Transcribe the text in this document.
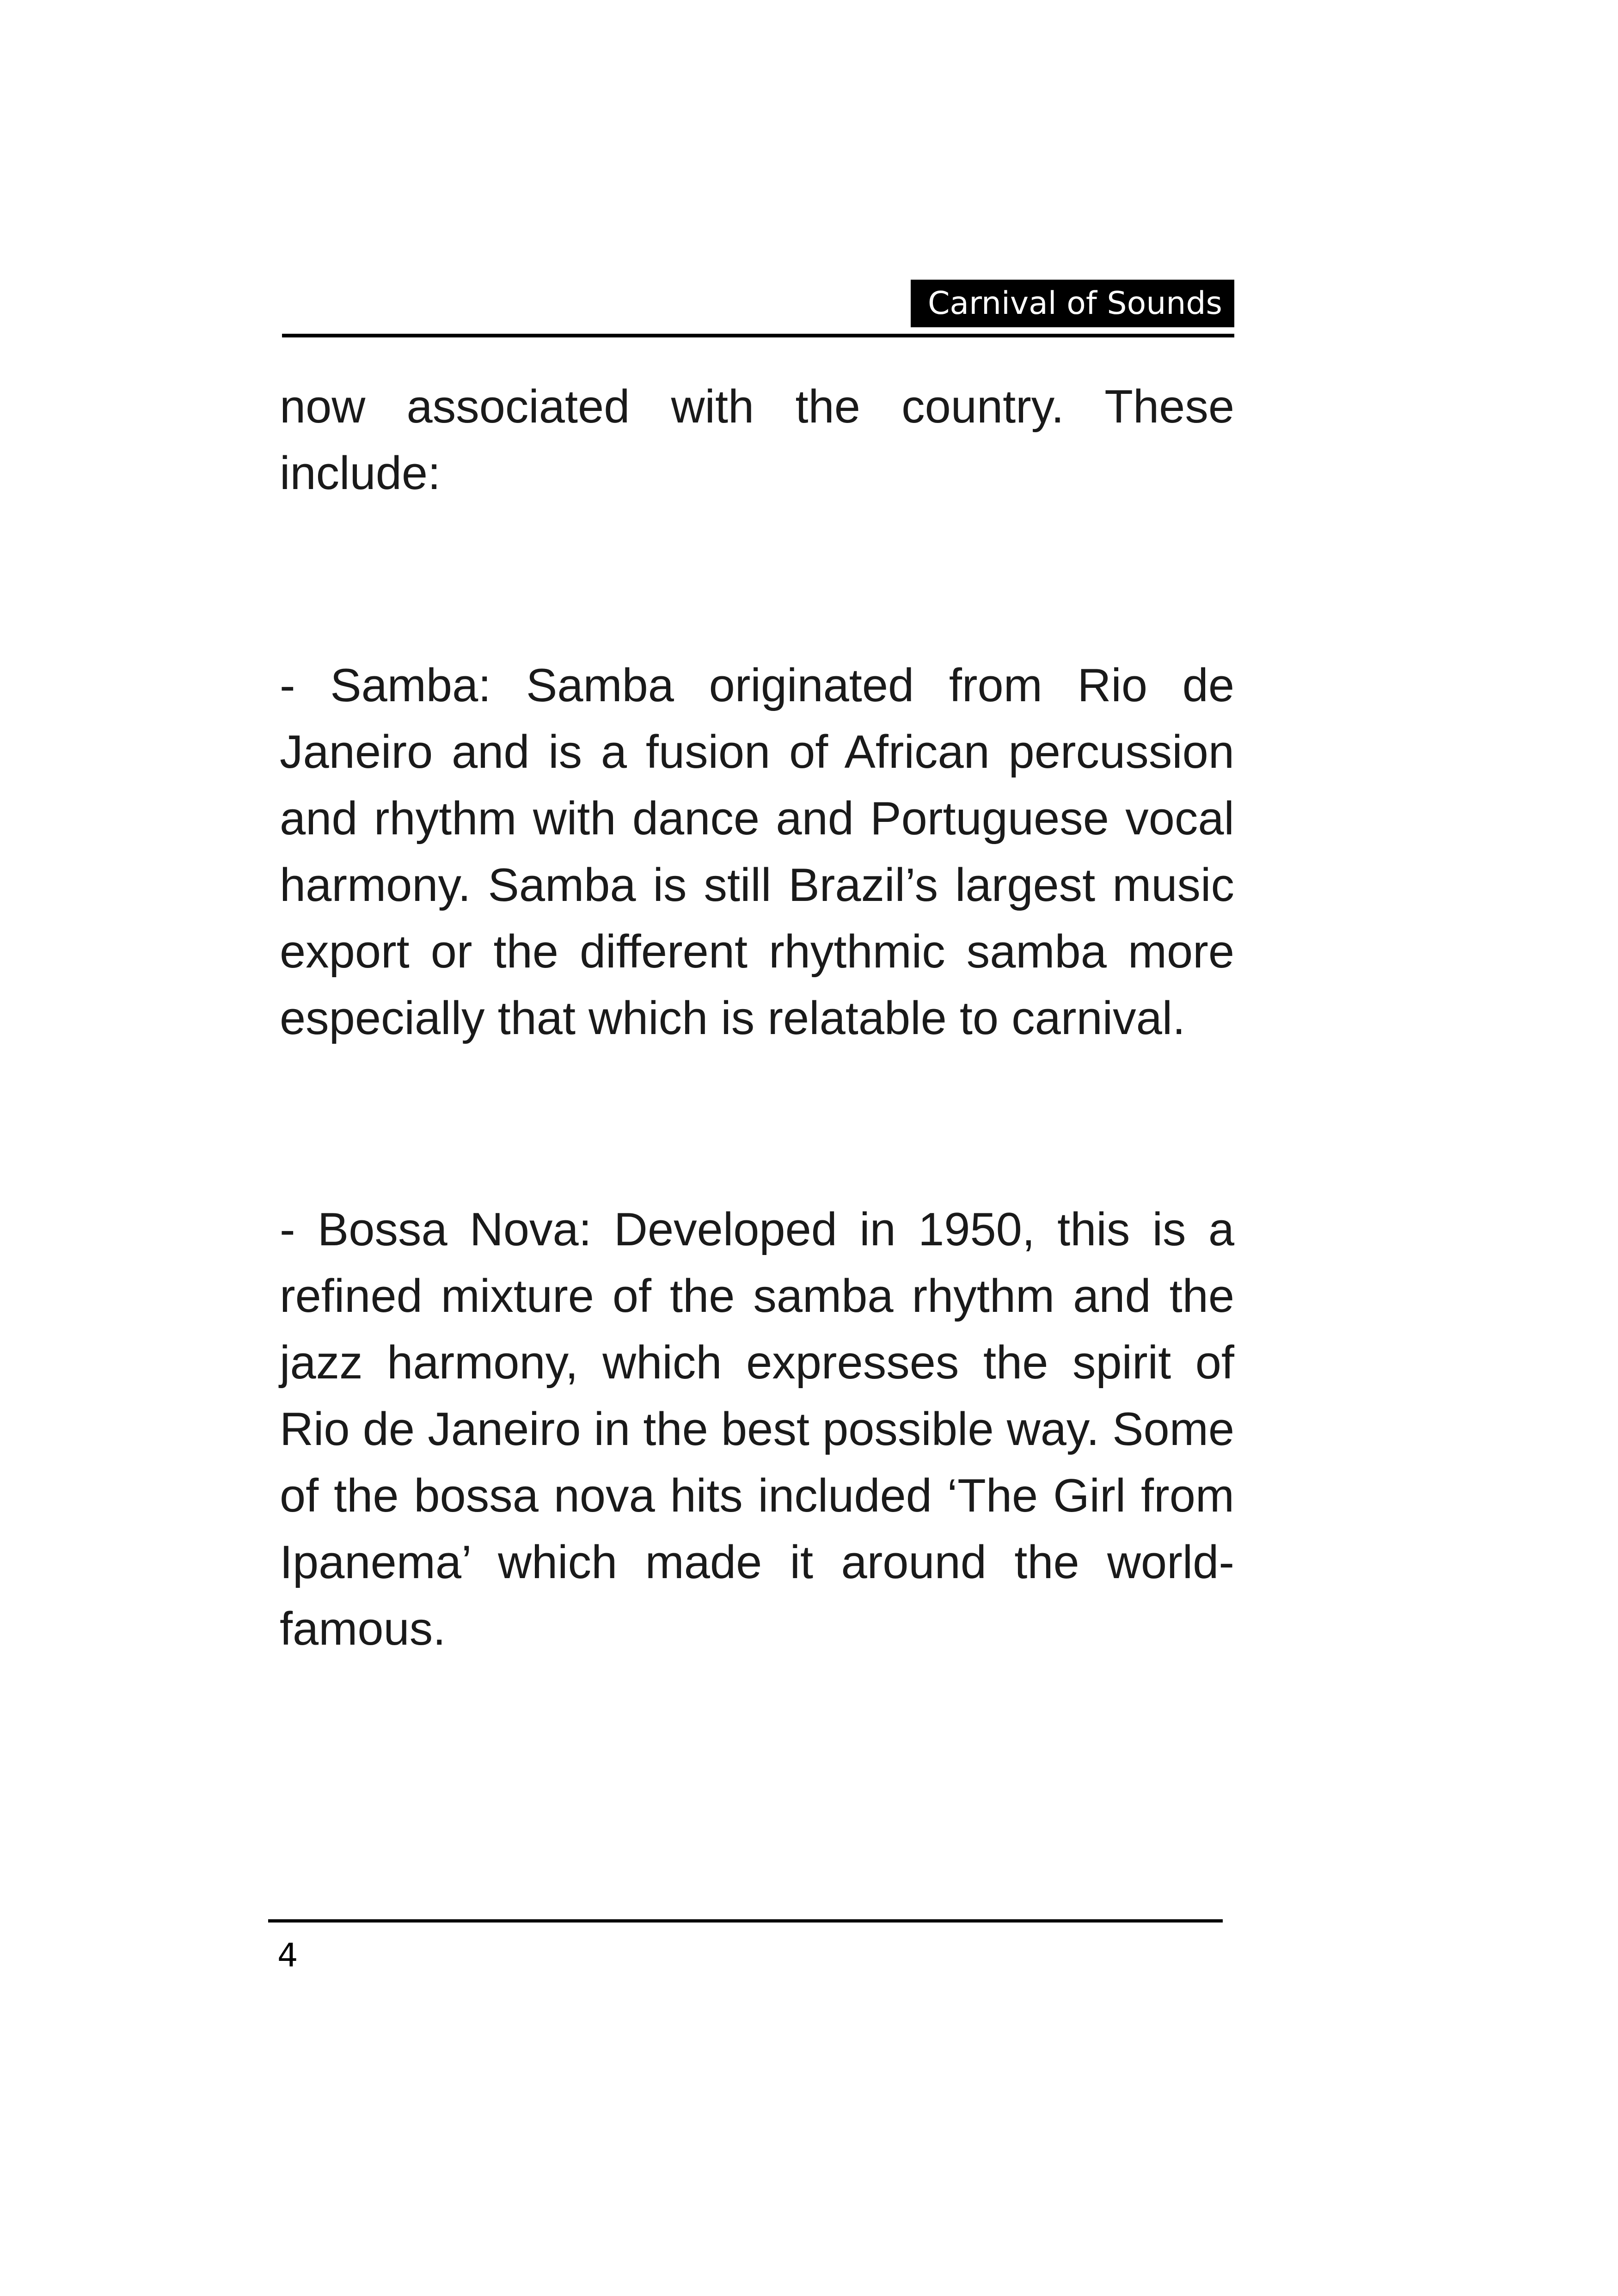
Carnival of Sounds

now associated with the country. These include:

- Samba: Samba originated from Rio de Janeiro and is a fusion of African percussion and rhythm with dance and Portuguese vocal harmony. Samba is still Brazil’s largest music export or the different rhythmic samba more especially that which is relatable to carnival.

- Bossa Nova: Developed in 1950, this is a refined mixture of the samba rhythm and the jazz harmony, which expresses the spirit of Rio de Janeiro in the best possible way. Some of the bossa nova hits included ‘The Girl from Ipanema’ which made it around the world-famous.

4
